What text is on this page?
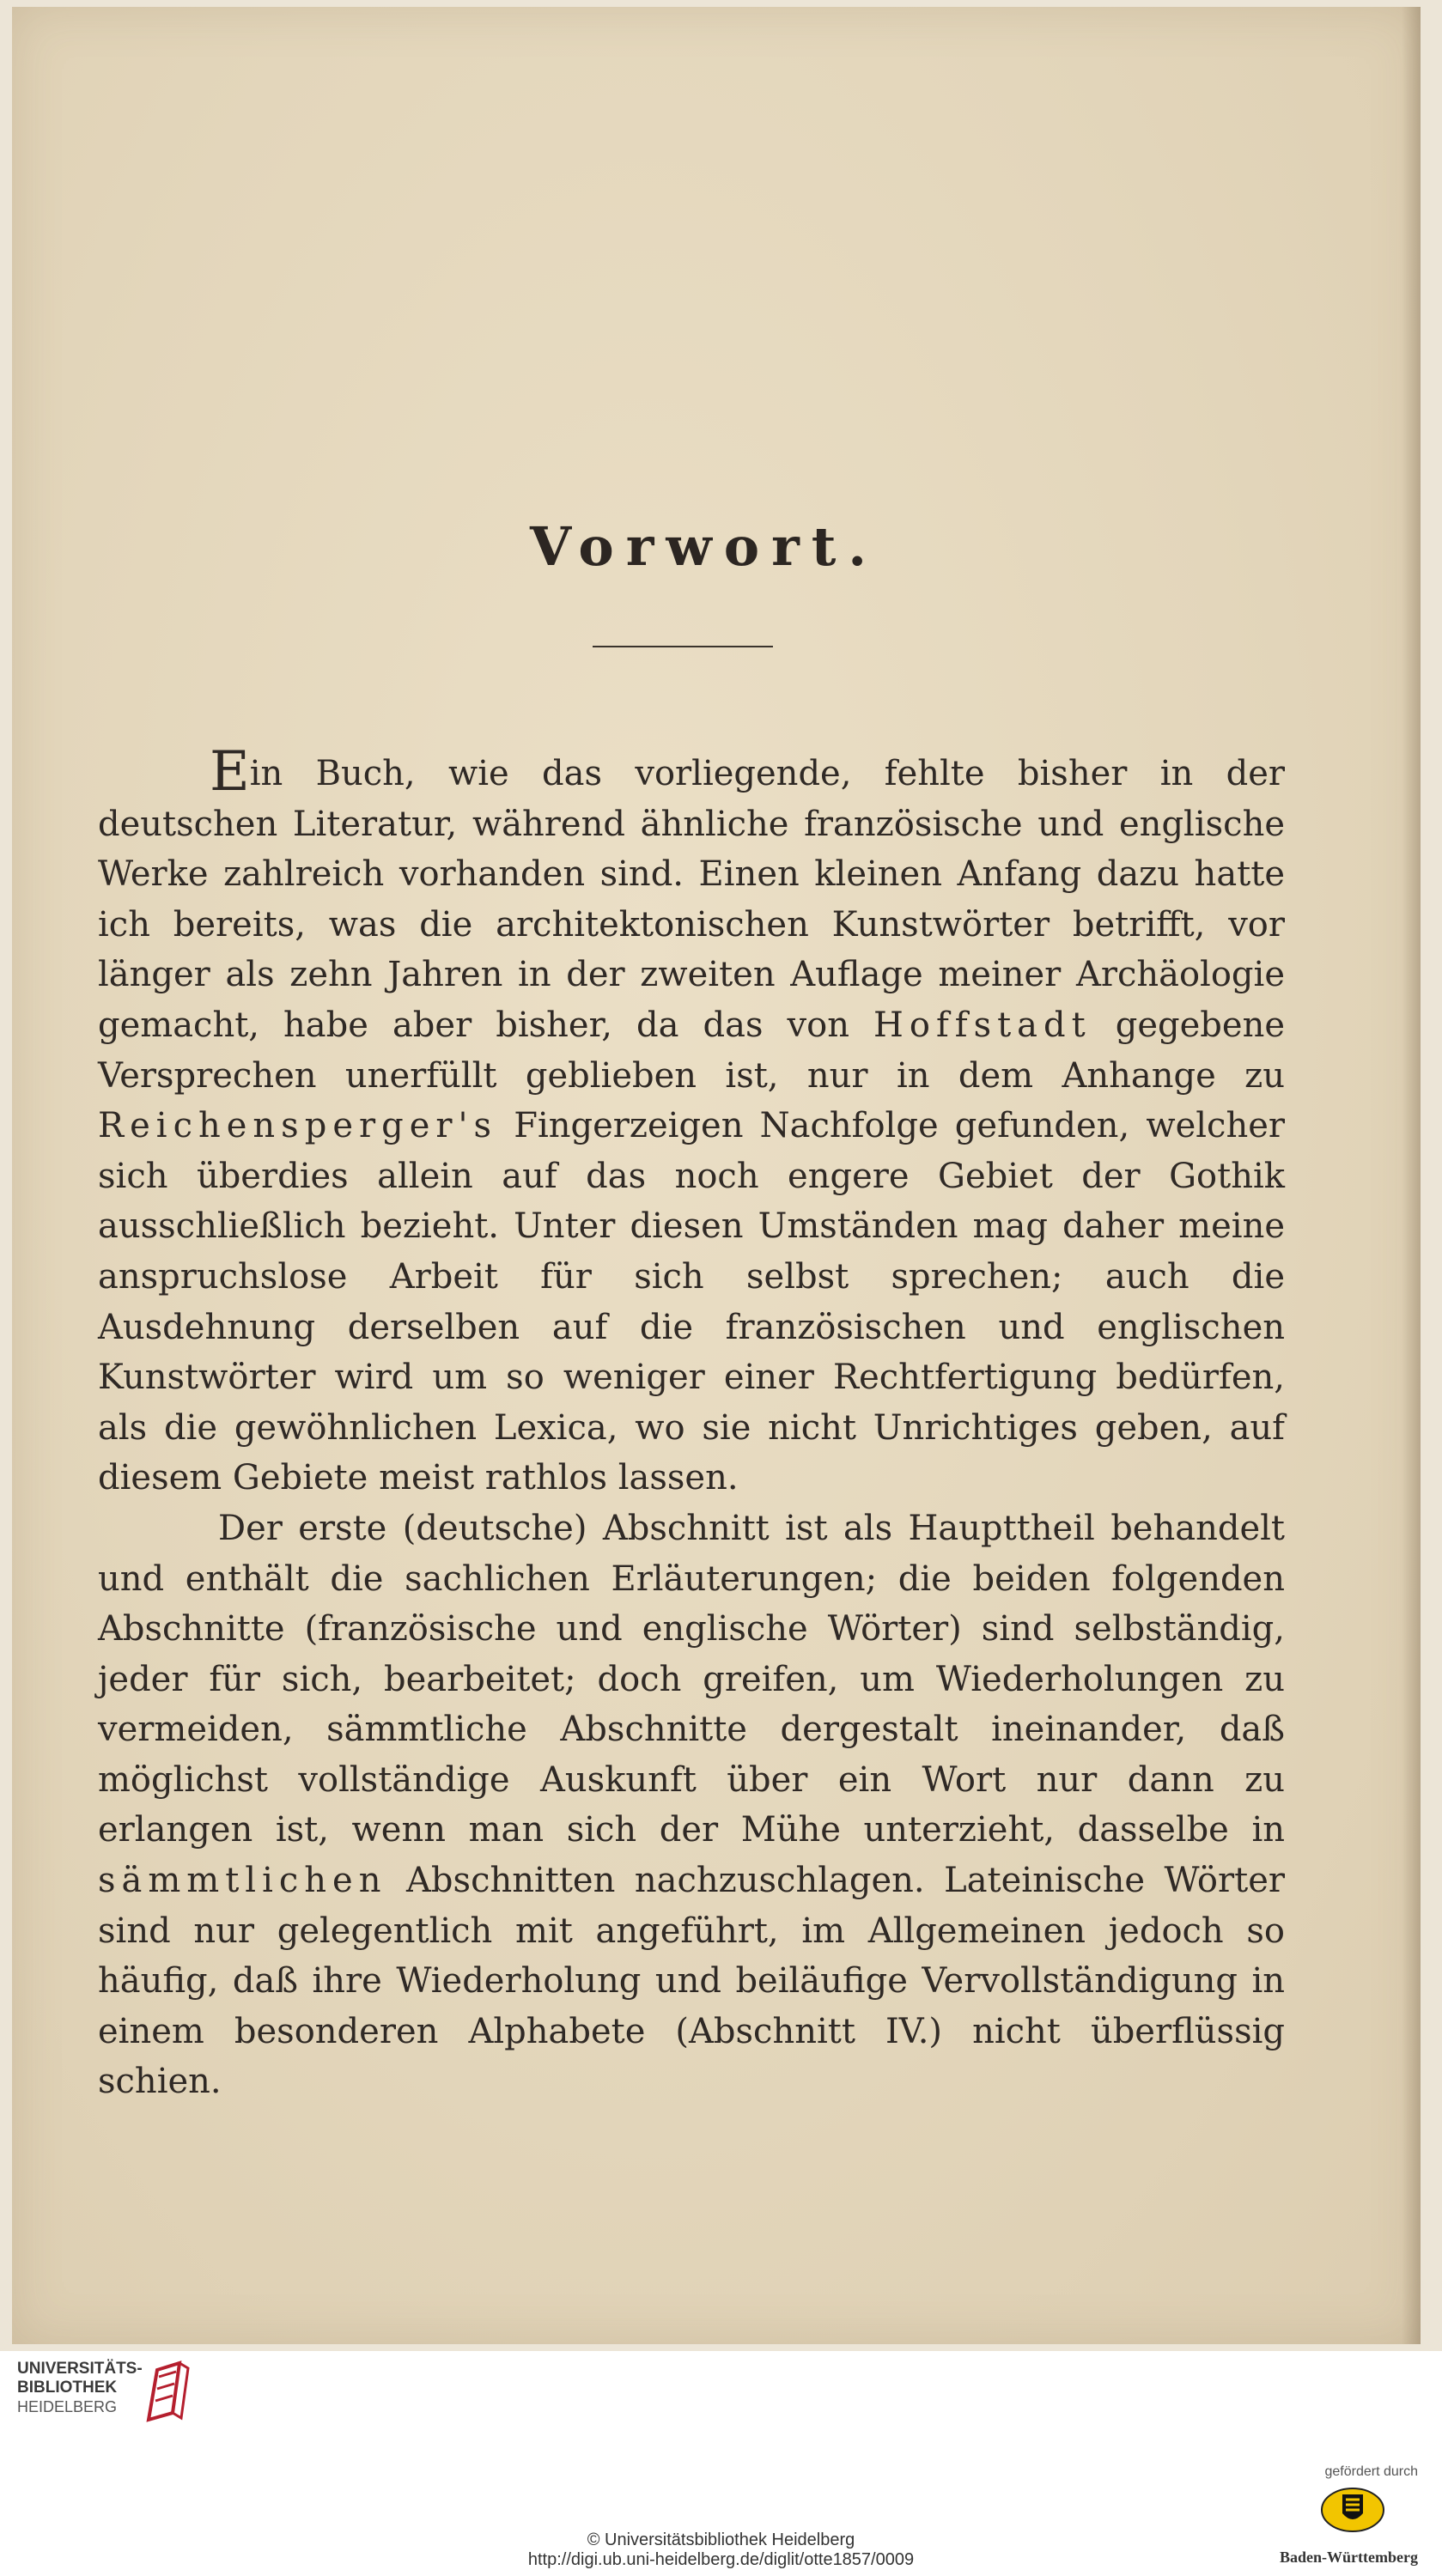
Vorwort.

Ein Buch, wie das vorliegende, fehlte bisher in der deutschen Literatur, während ähnliche französische und englische Werke zahlreich vorhanden sind. Einen kleinen Anfang dazu hatte ich bereits, was die architektonischen Kunstwörter betrifft, vor länger als zehn Jahren in der zweiten Auflage meiner Archäologie gemacht, habe aber bisher, da das von Hoffstadt gegebene Versprechen unerfüllt geblieben ist, nur in dem Anhange zu Reichensperger's Fingerzeigen Nachfolge gefunden, welcher sich überdies allein auf das noch engere Gebiet der Gothik ausschließlich bezieht. Unter diesen Umständen mag daher meine anspruchslose Arbeit für sich selbst sprechen; auch die Ausdehnung derselben auf die französischen und englischen Kunstwörter wird um so weniger einer Rechtfertigung bedürfen, als die gewöhnlichen Lexica, wo sie nicht Unrichtiges geben, auf diesem Gebiete meist rathlos lassen.

Der erste (deutsche) Abschnitt ist als Haupttheil behandelt und enthält die sachlichen Erläuterungen; die beiden folgenden Abschnitte (französische und englische Wörter) sind selbständig, jeder für sich, bearbeitet; doch greifen, um Wiederholungen zu vermeiden, sämmtliche Abschnitte dergestalt ineinander, daß möglichst vollständige Auskunft über ein Wort nur dann zu erlangen ist, wenn man sich der Mühe unterzieht, dasselbe in sämmtlichen Abschnitten nachzuschlagen. Lateinische Wörter sind nur gelegentlich mit angeführt, im Allgemeinen jedoch so häufig, daß ihre Wiederholung und beiläufige Vervollständigung in einem besonderen Alphabete (Abschnitt IV.) nicht überflüssig schien.

UNIVERSITÄTS-
BIBLIOTHEK
HEIDELBERG
© Universitätsbibliothek Heidelberg
http://digi.ub.uni-heidelberg.de/diglit/otte1857/0009
gefördert durch
Baden-Württemberg
